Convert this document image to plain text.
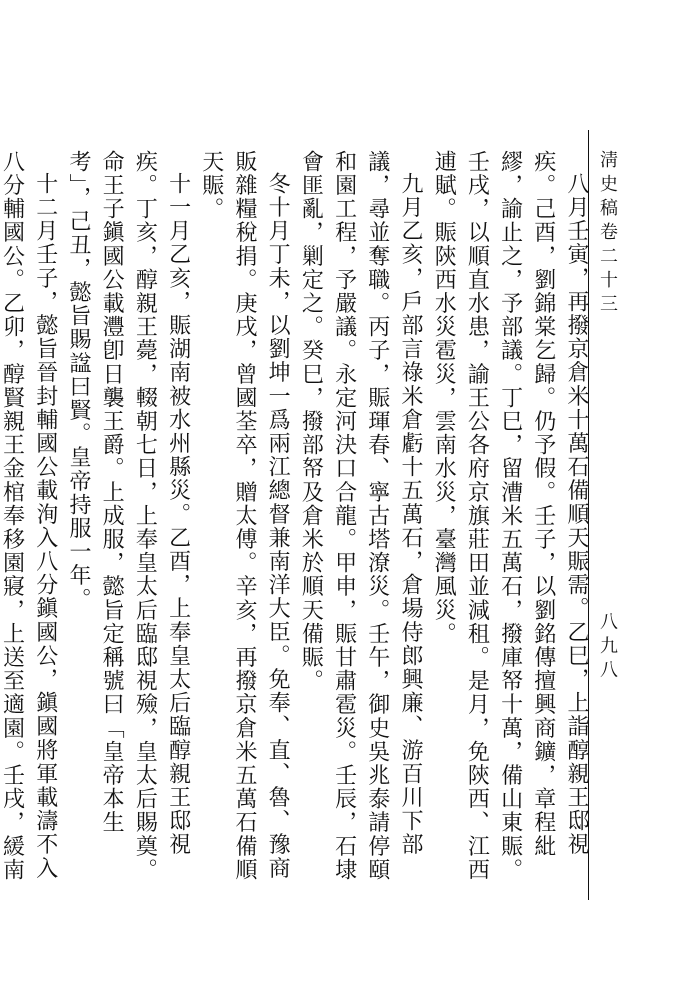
淸史稿卷二十三
八九八

八月壬寅，再撥京倉米十萬石備順天賑需。乙巳，上詣醇親王邸視疾。己酉，劉錦棠乞歸。仍予假。壬子，以劉銘傳擅興商鑛，章程紕繆，諭止之，予部議。丁巳，留漕米五萬石，撥庫帑十萬，備山東賑。壬戌，以順直水患，諭王公各府京旗莊田並減租。是月，免陝西、江西逋賦。賑陝西水災雹災，雲南水災，臺灣風災。

九月乙亥，戶部言祿米倉虧十五萬石，倉場侍郎興廉、游百川下部議，尋並奪職。丙子，賑琿春、寧古塔潦災。壬午，御史吳兆泰請停頤和園工程，予嚴議。永定河決口合龍。甲申，賑甘肅雹災。壬辰，石埭會匪亂，剿定之。癸巳，撥部帑及倉米於順天備賑。

冬十月丁未，以劉坤一爲兩江總督兼南洋大臣。免奉、直、魯、豫商販雜糧稅捐。庚戌，曾國荃卒，贈太傅。辛亥，再撥京倉米五萬石備順天賑。

十一月乙亥，賑湖南被水州縣災。乙酉，上奉皇太后臨醇親王邸視疾。丁亥，醇親王薨，輟朝七日，上奉皇太后臨邸視殮，皇太后賜奠。命王子鎭國公載灃卽日襲王爵。上成服，懿旨定稱號曰「皇帝本生考」，己丑，懿旨賜諡曰賢。皇帝持服一年。

十二月壬子，懿旨晉封輔國公載洵入八分鎭國公，鎭國將軍載濤不入八分輔國公。乙卯，醇賢親王金棺奉移園寢，上送至適園。壬戌，緩南
